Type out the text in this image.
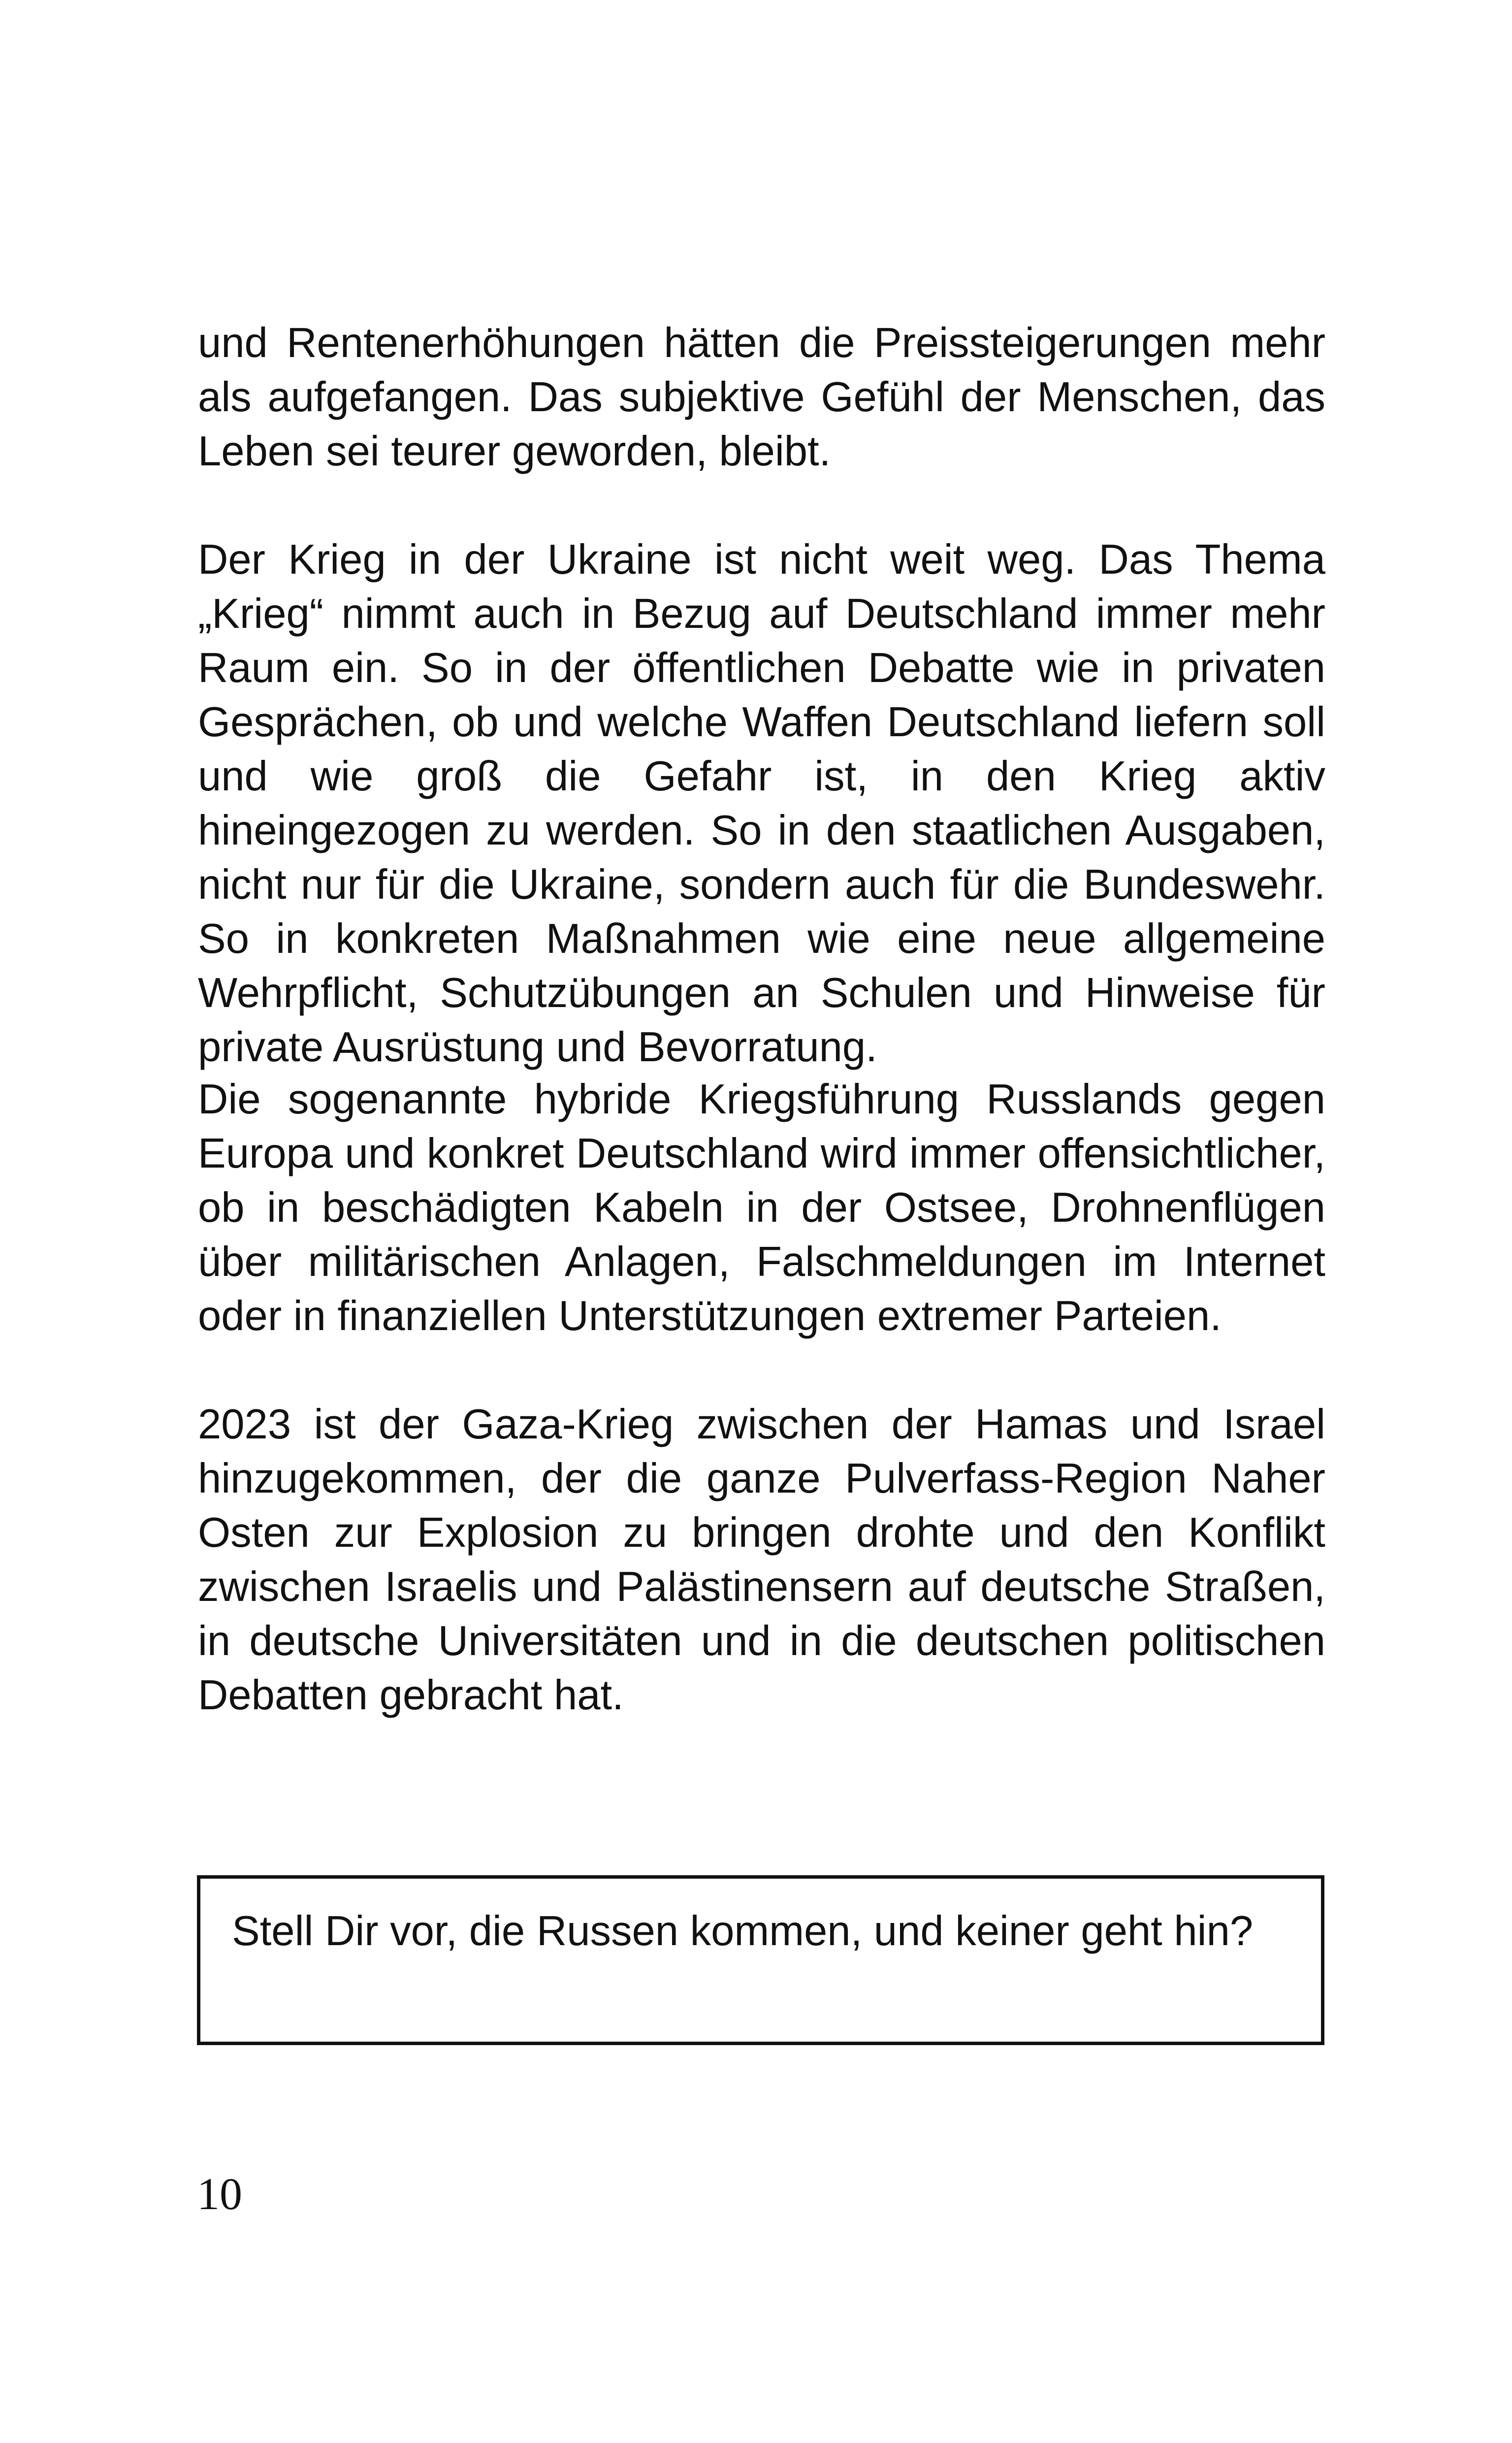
und Rentenerhöhungen hätten die Preissteigerungen mehr als aufgefangen. Das subjektive Gefühl der Menschen, das Leben sei teurer geworden, bleibt.

Der Krieg in der Ukraine ist nicht weit weg. Das Thema „Krieg“ nimmt auch in Bezug auf Deutschland immer mehr Raum ein. So in der öffentlichen Debatte wie in privaten Gesprächen, ob und welche Waffen Deutschland liefern soll und wie groß die Gefahr ist, in den Krieg aktiv hineingezogen zu werden. So in den staatlichen Ausgaben, nicht nur für die Ukraine, sondern auch für die Bundeswehr. So in konkreten Maßnahmen wie eine neue allgemeine Wehrpflicht, Schutzübungen an Schulen und Hinweise für private Ausrüstung und Bevorratung.

Die sogenannte hybride Kriegsführung Russlands gegen Europa und konkret Deutschland wird immer offensichtlicher, ob in beschädigten Kabeln in der Ostsee, Drohnenflügen über militärischen Anlagen, Falschmeldungen im Internet oder in finanziellen Unterstützungen extremer Parteien.

2023 ist der Gaza-Krieg zwischen der Hamas und Israel hinzugekommen, der die ganze Pulverfass-Region Naher Osten zur Explosion zu bringen drohte und den Konflikt zwischen Israelis und Palästinensern auf deutsche Straßen, in deutsche Universitäten und in die deutschen politischen Debatten gebracht hat.

Stell Dir vor, die Russen kommen, und keiner geht hin?

10
